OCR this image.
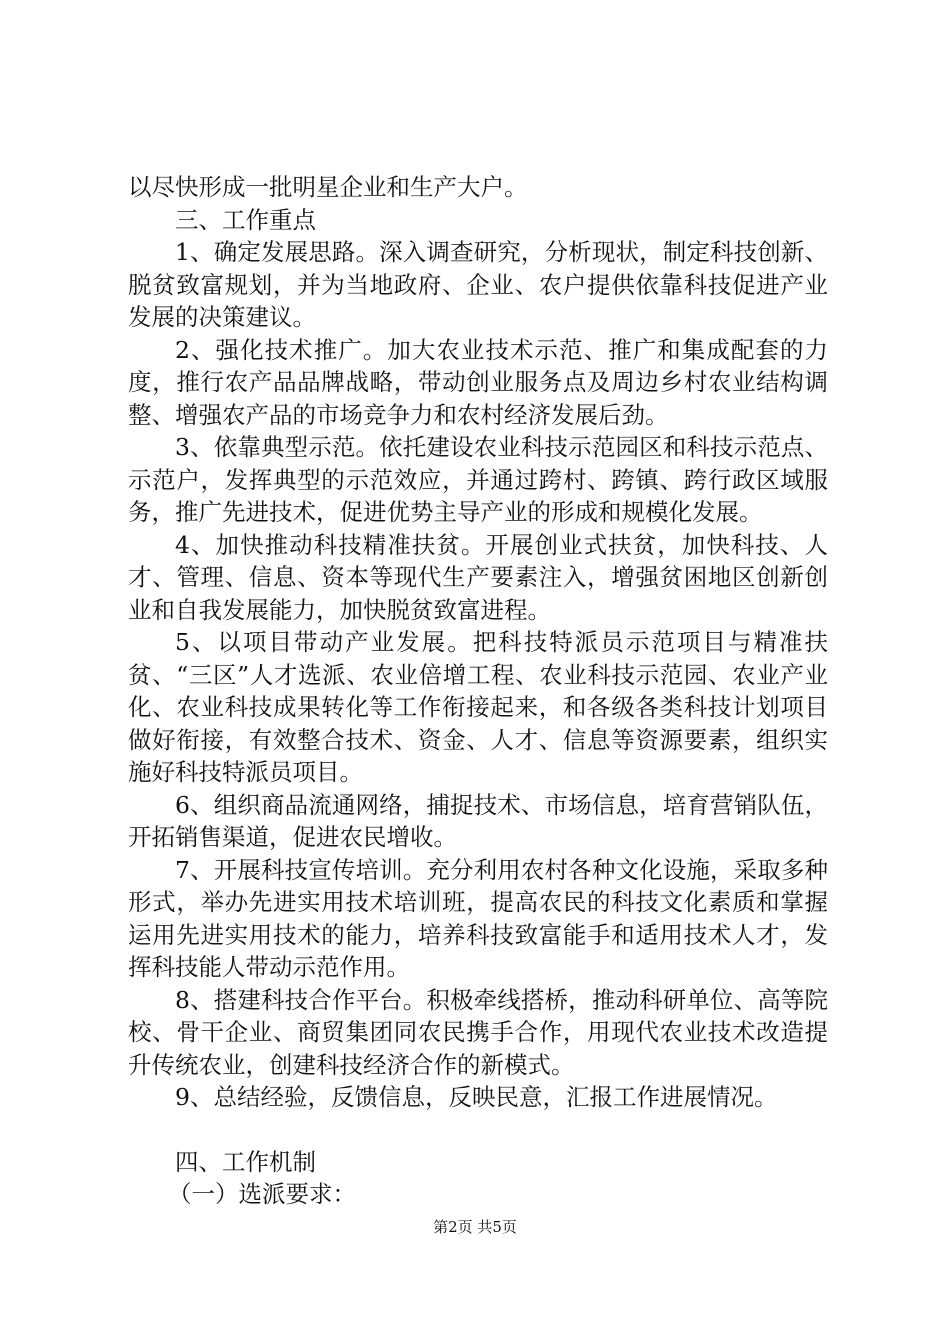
以尽快形成一批明星企业和生产大户。

三、工作重点

1、确定发展思路。深入调查研究，分析现状，制定科技创新、脱贫致富规划，并为当地政府、企业、农户提供依靠科技促进产业发展的决策建议。

2、强化技术推广。加大农业技术示范、推广和集成配套的力度，推行农产品品牌战略，带动创业服务点及周边乡村农业结构调整、增强农产品的市场竞争力和农村经济发展后劲。

3、依靠典型示范。依托建设农业科技示范园区和科技示范点、示范户，发挥典型的示范效应，并通过跨村、跨镇、跨行政区域服务，推广先进技术，促进优势主导产业的形成和规模化发展。

4、加快推动科技精准扶贫。开展创业式扶贫，加快科技、人才、管理、信息、资本等现代生产要素注入，增强贫困地区创新创业和自我发展能力，加快脱贫致富进程。

5、以项目带动产业发展。把科技特派员示范项目与精准扶贫、“三区”人才选派、农业倍增工程、农业科技示范园、农业产业化、农业科技成果转化等工作衔接起来，和各级各类科技计划项目做好衔接，有效整合技术、资金、人才、信息等资源要素，组织实施好科技特派员项目。

6、组织商品流通网络，捕捉技术、市场信息，培育营销队伍，开拓销售渠道，促进农民增收。

7、开展科技宣传培训。充分利用农村各种文化设施，采取多种形式，举办先进实用技术培训班，提高农民的科技文化素质和掌握运用先进实用技术的能力，培养科技致富能手和适用技术人才，发挥科技能人带动示范作用。

8、搭建科技合作平台。积极牵线搭桥，推动科研单位、高等院校、骨干企业、商贸集团同农民携手合作，用现代农业技术改造提升传统农业，创建科技经济合作的新模式。

9、总结经验，反馈信息，反映民意，汇报工作进展情况。

四、工作机制

（一）选派要求：

第2页 共5页
